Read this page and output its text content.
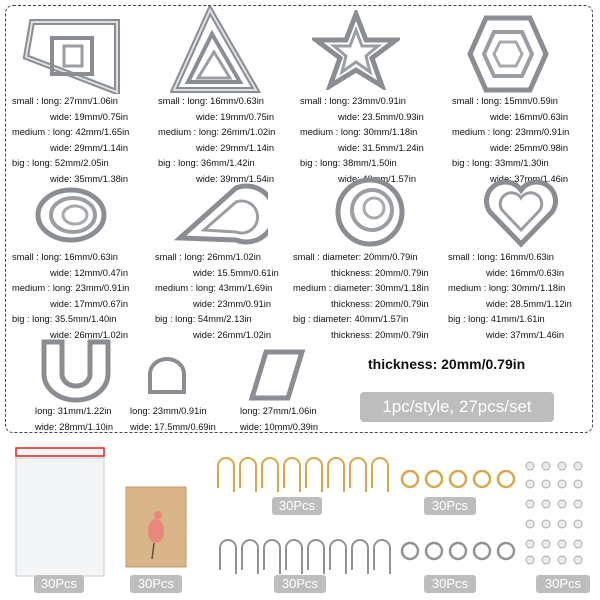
small : long: 27mm/1.06in
wide: 19mm/0.75in
medium : long: 42mm/1.65in
wide: 29mm/1.14in
big : long: 52mm/2.05in
wide: 35mm/1.38in
small : long: 16mm/0.63in
wide: 19mm/0.75in
medium : long: 26mm/1.02in
wide: 29mm/1.14in
big : long: 36mm/1.42in
wide: 39mm/1.54in
small : long: 23mm/0.91in
wide: 23.5mm/0.93in
medium : long: 30mm/1.18in
wide: 31.5mm/1.24in
big : long: 38mm/1.50in
wide: 40mm/1.57in
small : long: 15mm/0.59in
wide: 16mm/0.63in
medium : long: 23mm/0.91in
wide: 25mm/0.98in
big : long: 33mm/1.30in
wide: 37mm/1.46in
small : long: 16mm/0.63in
wide: 12mm/0.47in
medium : long: 23mm/0.91in
wide: 17mm/0.67in
big : long: 35.5mm/1.40in
wide: 26mm/1.02in
small : long: 26mm/1.02in
wide: 15.5mm/0.61in
medium : long: 43mm/1.69in
wide: 23mm/0.91in
big : long: 54mm/2.13in
wide: 26mm/1.02in
small : diameter: 20mm/0.79in
thickness: 20mm/0.79in
medium : diameter: 30mm/1.18in
thickness: 20mm/0.79in
big : diameter: 40mm/1.57in
thickness: 20mm/0.79in
small : long: 16mm/0.63in
wide: 16mm/0.63in
medium : long: 30mm/1.18in
wide: 28.5mm/1.12in
big : long: 41mm/1.61in
wide: 37mm/1.46in
long: 31mm/1.22in
wide: 28mm/1.10in
long: 23mm/0.91in
wide: 17.5mm/0.69in
long: 27mm/1.06in
wide: 10mm/0.39in
thickness: 20mm/0.79in
1pc/style, 27pcs/set
30Pcs	30Pcs
30Pcs	30Pcs
30Pcs	30Pcs	30Pcs
